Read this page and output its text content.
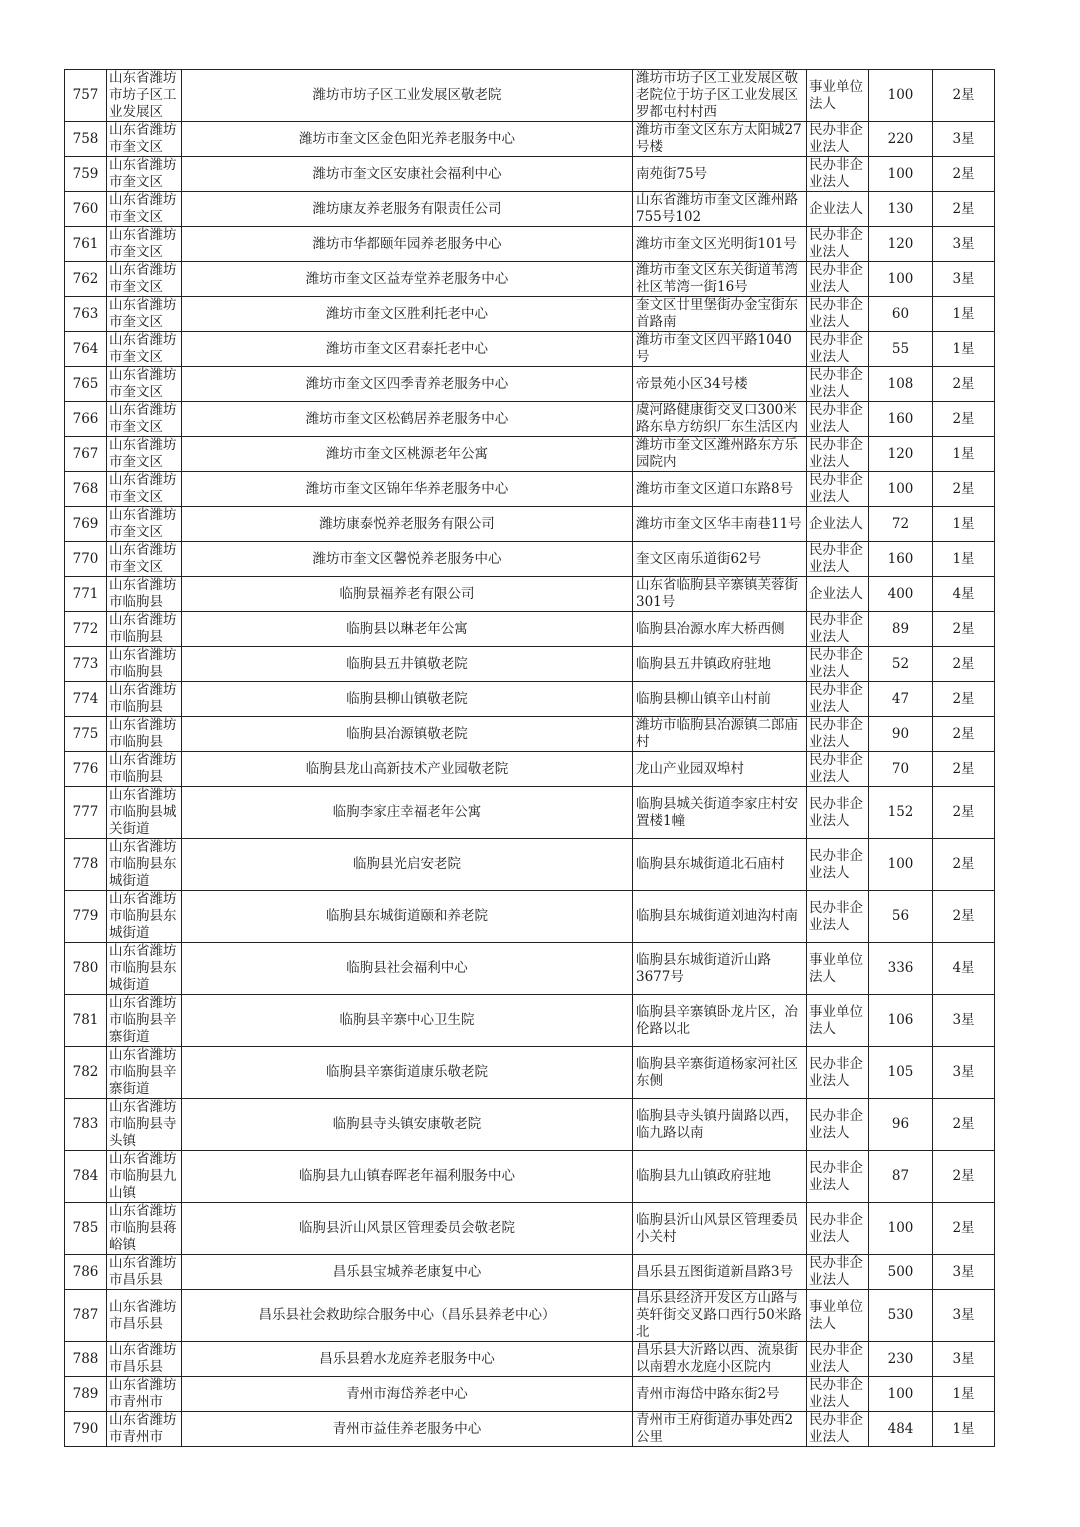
757	山东省潍坊市坊子区工业发展区	潍坊市坊子区工业发展区敬老院	潍坊市坊子区工业发展区敬老院位于坊子区工业发展区罗都屯村村西	事业单位法人	100	2星
758	山东省潍坊市奎文区	潍坊市奎文区金色阳光养老服务中心	潍坊市奎文区东方太阳城27号楼	民办非企业法人	220	3星
759	山东省潍坊市奎文区	潍坊市奎文区安康社会福利中心	南苑街75号	民办非企业法人	100	2星
760	山东省潍坊市奎文区	潍坊康友养老服务有限责任公司	山东省潍坊市奎文区潍州路755号102	企业法人	130	2星
761	山东省潍坊市奎文区	潍坊市华都颐年园养老服务中心	潍坊市奎文区光明街101号	民办非企业法人	120	3星
762	山东省潍坊市奎文区	潍坊市奎文区益寿堂养老服务中心	潍坊市奎文区东关街道苇湾社区苇湾一街16号	民办非企业法人	100	3星
763	山东省潍坊市奎文区	潍坊市奎文区胜利托老中心	奎文区廿里堡街办金宝街东首路南	民办非企业法人	60	1星
764	山东省潍坊市奎文区	潍坊市奎文区君泰托老中心	潍坊市奎文区四平路1040号	民办非企业法人	55	1星
765	山东省潍坊市奎文区	潍坊市奎文区四季青养老服务中心	帝景苑小区34号楼	民办非企业法人	108	2星
766	山东省潍坊市奎文区	潍坊市奎文区松鹤居养老服务中心	虞河路健康街交叉口300米路东阜方纺织厂东生活区内	民办非企业法人	160	2星
767	山东省潍坊市奎文区	潍坊市奎文区桃源老年公寓	潍坊市奎文区潍州路东方乐园院内	民办非企业法人	120	1星
768	山东省潍坊市奎文区	潍坊市奎文区锦年华养老服务中心	潍坊市奎文区道口东路8号	民办非企业法人	100	2星
769	山东省潍坊市奎文区	潍坊康泰悦养老服务有限公司	潍坊市奎文区华丰南巷11号	企业法人	72	1星
770	山东省潍坊市奎文区	潍坊市奎文区馨悦养老服务中心	奎文区南乐道街62号	民办非企业法人	160	1星
771	山东省潍坊市临朐县	临朐景福养老有限公司	山东省临朐县辛寨镇芙蓉街301号	企业法人	400	4星
772	山东省潍坊市临朐县	临朐县以琳老年公寓	临朐县冶源水库大桥西侧	民办非企业法人	89	2星
773	山东省潍坊市临朐县	临朐县五井镇敬老院	临朐县五井镇政府驻地	民办非企业法人	52	2星
774	山东省潍坊市临朐县	临朐县柳山镇敬老院	临朐县柳山镇辛山村前	民办非企业法人	47	2星
775	山东省潍坊市临朐县	临朐县冶源镇敬老院	潍坊市临朐县冶源镇二郎庙村	民办非企业法人	90	2星
776	山东省潍坊市临朐县	临朐县龙山高新技术产业园敬老院	龙山产业园双埠村	民办非企业法人	70	2星
777	山东省潍坊市临朐县城关街道	临朐李家庄幸福老年公寓	临朐县城关街道李家庄村安置楼1幢	民办非企业法人	152	2星
778	山东省潍坊市临朐县东城街道	临朐县光启安老院	临朐县东城街道北石庙村	民办非企业法人	100	2星
779	山东省潍坊市临朐县东城街道	临朐县东城街道颐和养老院	临朐县东城街道刘迪沟村南	民办非企业法人	56	2星
780	山东省潍坊市临朐县东城街道	临朐县社会福利中心	临朐县东城街道沂山路3677号	事业单位法人	336	4星
781	山东省潍坊市临朐县辛寨街道	临朐县辛寨中心卫生院	临朐县辛寨镇卧龙片区，冶伦路以北	事业单位法人	106	3星
782	山东省潍坊市临朐县辛寨街道	临朐县辛寨街道康乐敬老院	临朐县辛寨街道杨家河社区东侧	民办非企业法人	105	3星
783	山东省潍坊市临朐县寺头镇	临朐县寺头镇安康敬老院	临朐县寺头镇丹崮路以西，临九路以南	民办非企业法人	96	2星
784	山东省潍坊市临朐县九山镇	临朐县九山镇春晖老年福利服务中心	临朐县九山镇政府驻地	民办非企业法人	87	2星
785	山东省潍坊市临朐县蒋峪镇	临朐县沂山风景区管理委员会敬老院	临朐县沂山风景区管理委员小关村	民办非企业法人	100	2星
786	山东省潍坊市昌乐县	昌乐县宝城养老康复中心	昌乐县五图街道新昌路3号	民办非企业法人	500	3星
787	山东省潍坊市昌乐县	昌乐县社会救助综合服务中心（昌乐县养老中心）	昌乐县经济开发区方山路与英轩街交叉路口西行50米路北	事业单位法人	530	3星
788	山东省潍坊市昌乐县	昌乐县碧水龙庭养老服务中心	昌乐县大沂路以西、流泉街以南碧水龙庭小区院内	民办非企业法人	230	3星
789	山东省潍坊市青州市	青州市海岱养老中心	青州市海岱中路东街2号	民办非企业法人	100	1星
790	山东省潍坊市青州市	青州市益佳养老服务中心	青州市王府街道办事处西2公里	民办非企业法人	484	1星
